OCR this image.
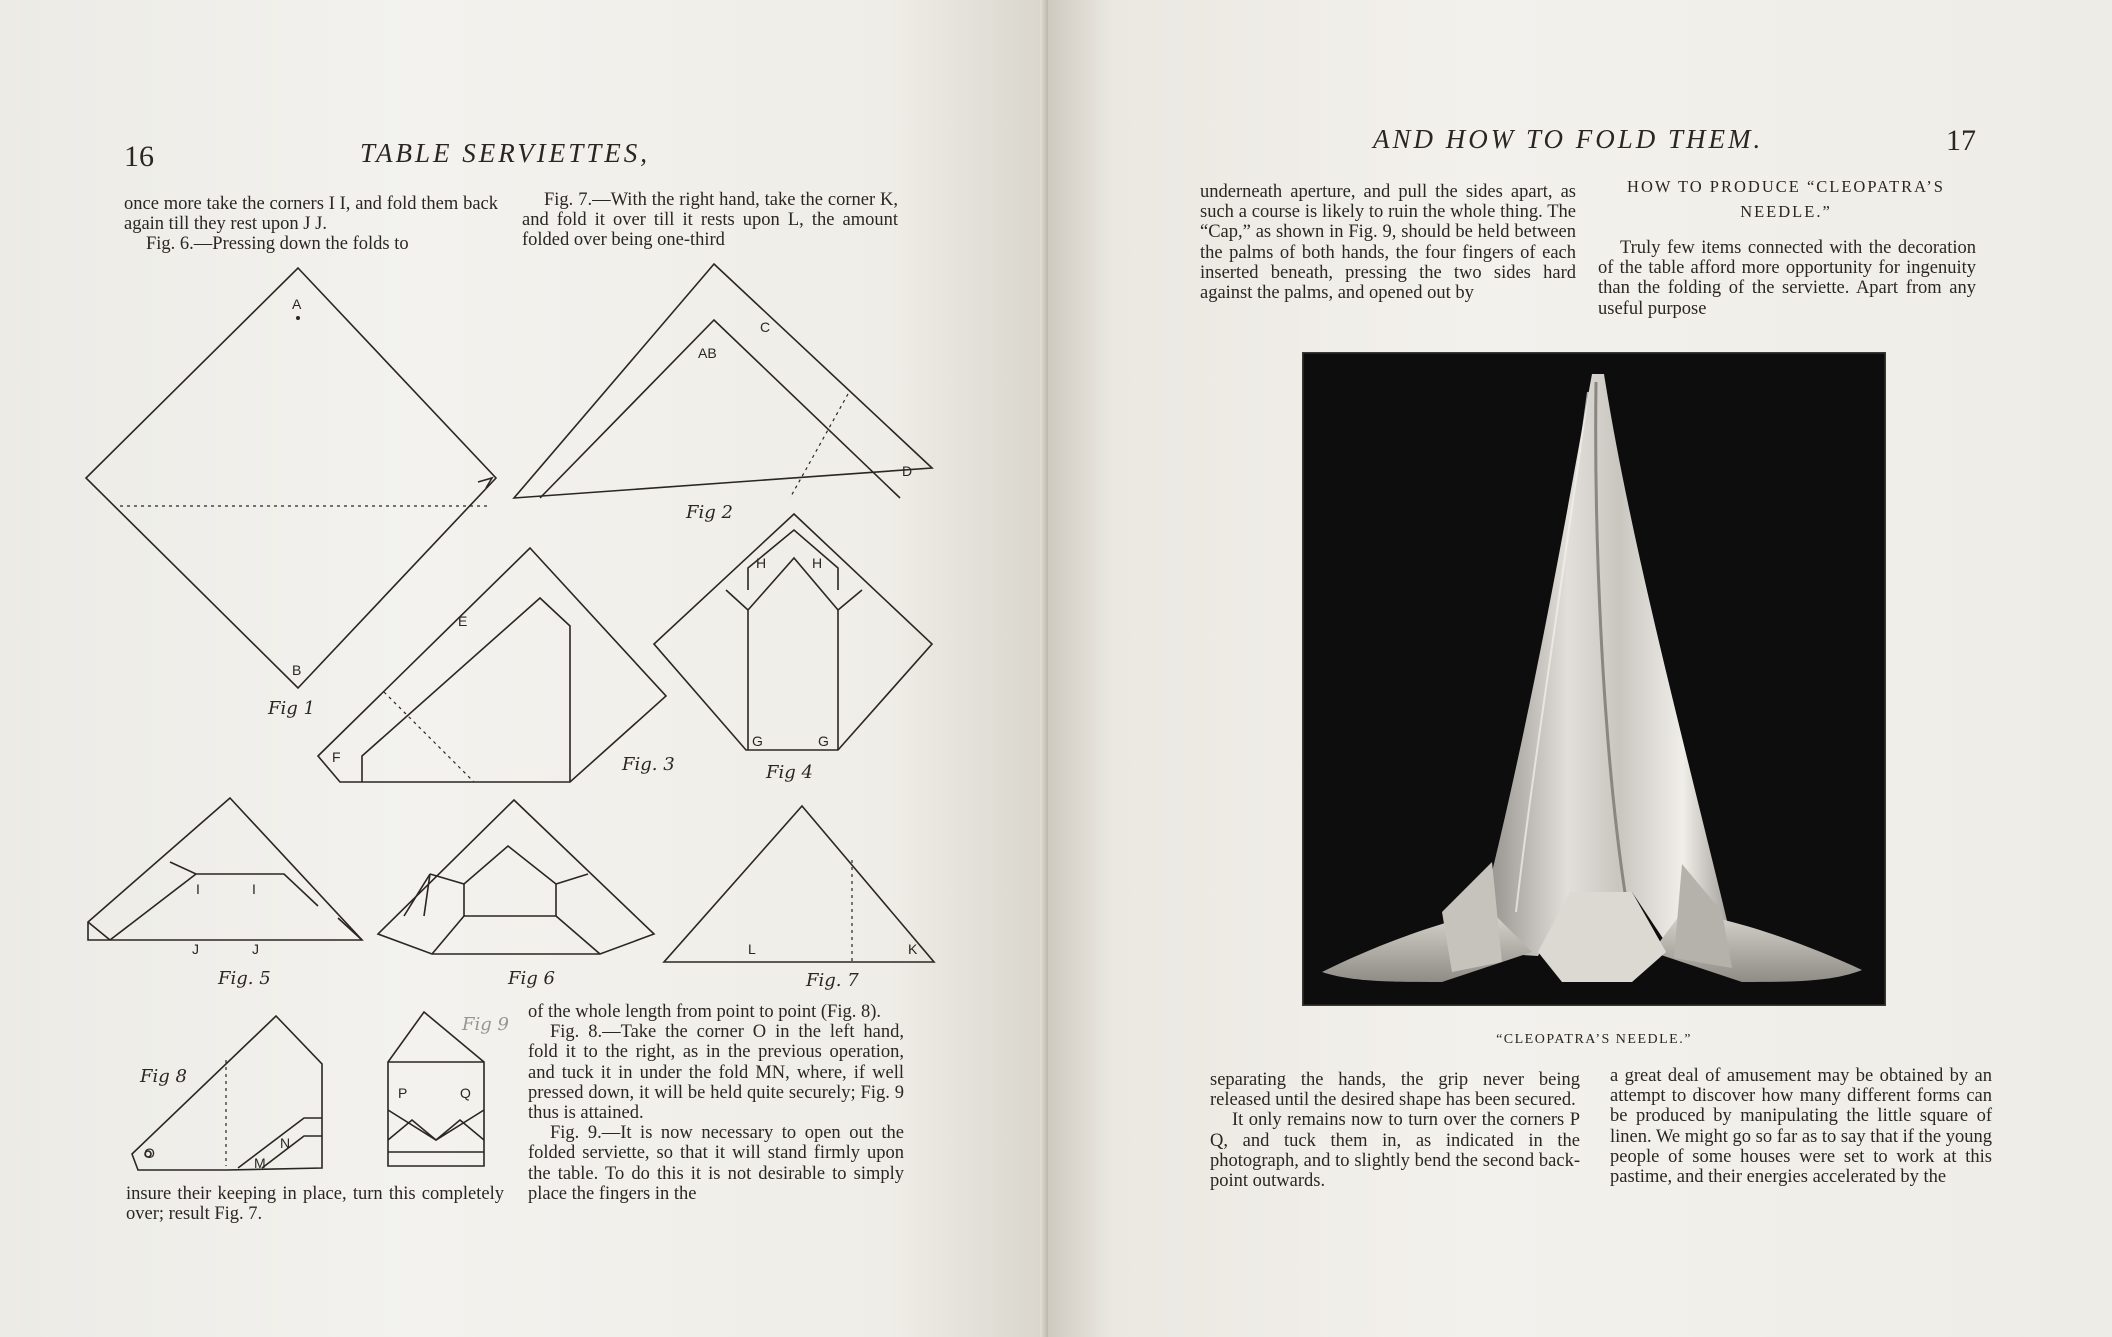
16	TABLE SERVIETTES,

once more take the corners I I, and fold them back again till they rest upon J J.

Fig. 6.—Pressing down the folds to

Fig. 7.—With the right hand, take the corner K, and fold it over till it rests upon L, the amount folded over being one-third

A
B
Fig 1
AB
C
D
Fig 2
E
F	Fig. 3
H	H
G	G
Fig 4
I	I
J	J
Fig. 5	Fig 6
L	K
Fig. 7
O
M
N
Fig 8
P	Q
Fig 9

insure their keeping in place, turn this completely over; result Fig. 7.

of the whole length from point to point (Fig. 8).

Fig. 8.—Take the corner O in the left hand, fold it to the right, as in the previous operation, and tuck it in under the fold MN, where, if well pressed down, it will be held quite securely; Fig. 9 thus is attained.

Fig. 9.—It is now necessary to open out the folded serviette, so that it will stand firmly upon the table. To do this it is not desirable to simply place the fingers in the

AND HOW TO FOLD THEM.	17

underneath aperture, and pull the sides apart, as such a course is likely to ruin the whole thing. The “Cap,” as shown in Fig. 9, should be held between the palms of both hands, the four fingers of each inserted beneath, pressing the two sides hard against the palms, and opened out by

HOW TO PRODUCE “CLEOPATRA’S NEEDLE.”

Truly few items connected with the decoration of the table afford more opportunity for ingenuity than the folding of the serviette. Apart from any useful purpose

“CLEOPATRA’S NEEDLE.”

separating the hands, the grip never being released until the desired shape has been secured.

It only remains now to turn over the corners P Q, and tuck them in, as indicated in the photograph, and to slightly bend the second back-point outwards.

a great deal of amusement may be obtained by an attempt to discover how many different forms can be produced by manipulating the little square of linen. We might go so far as to say that if the young people of some houses were set to work at this pastime, and their energies accelerated by the
